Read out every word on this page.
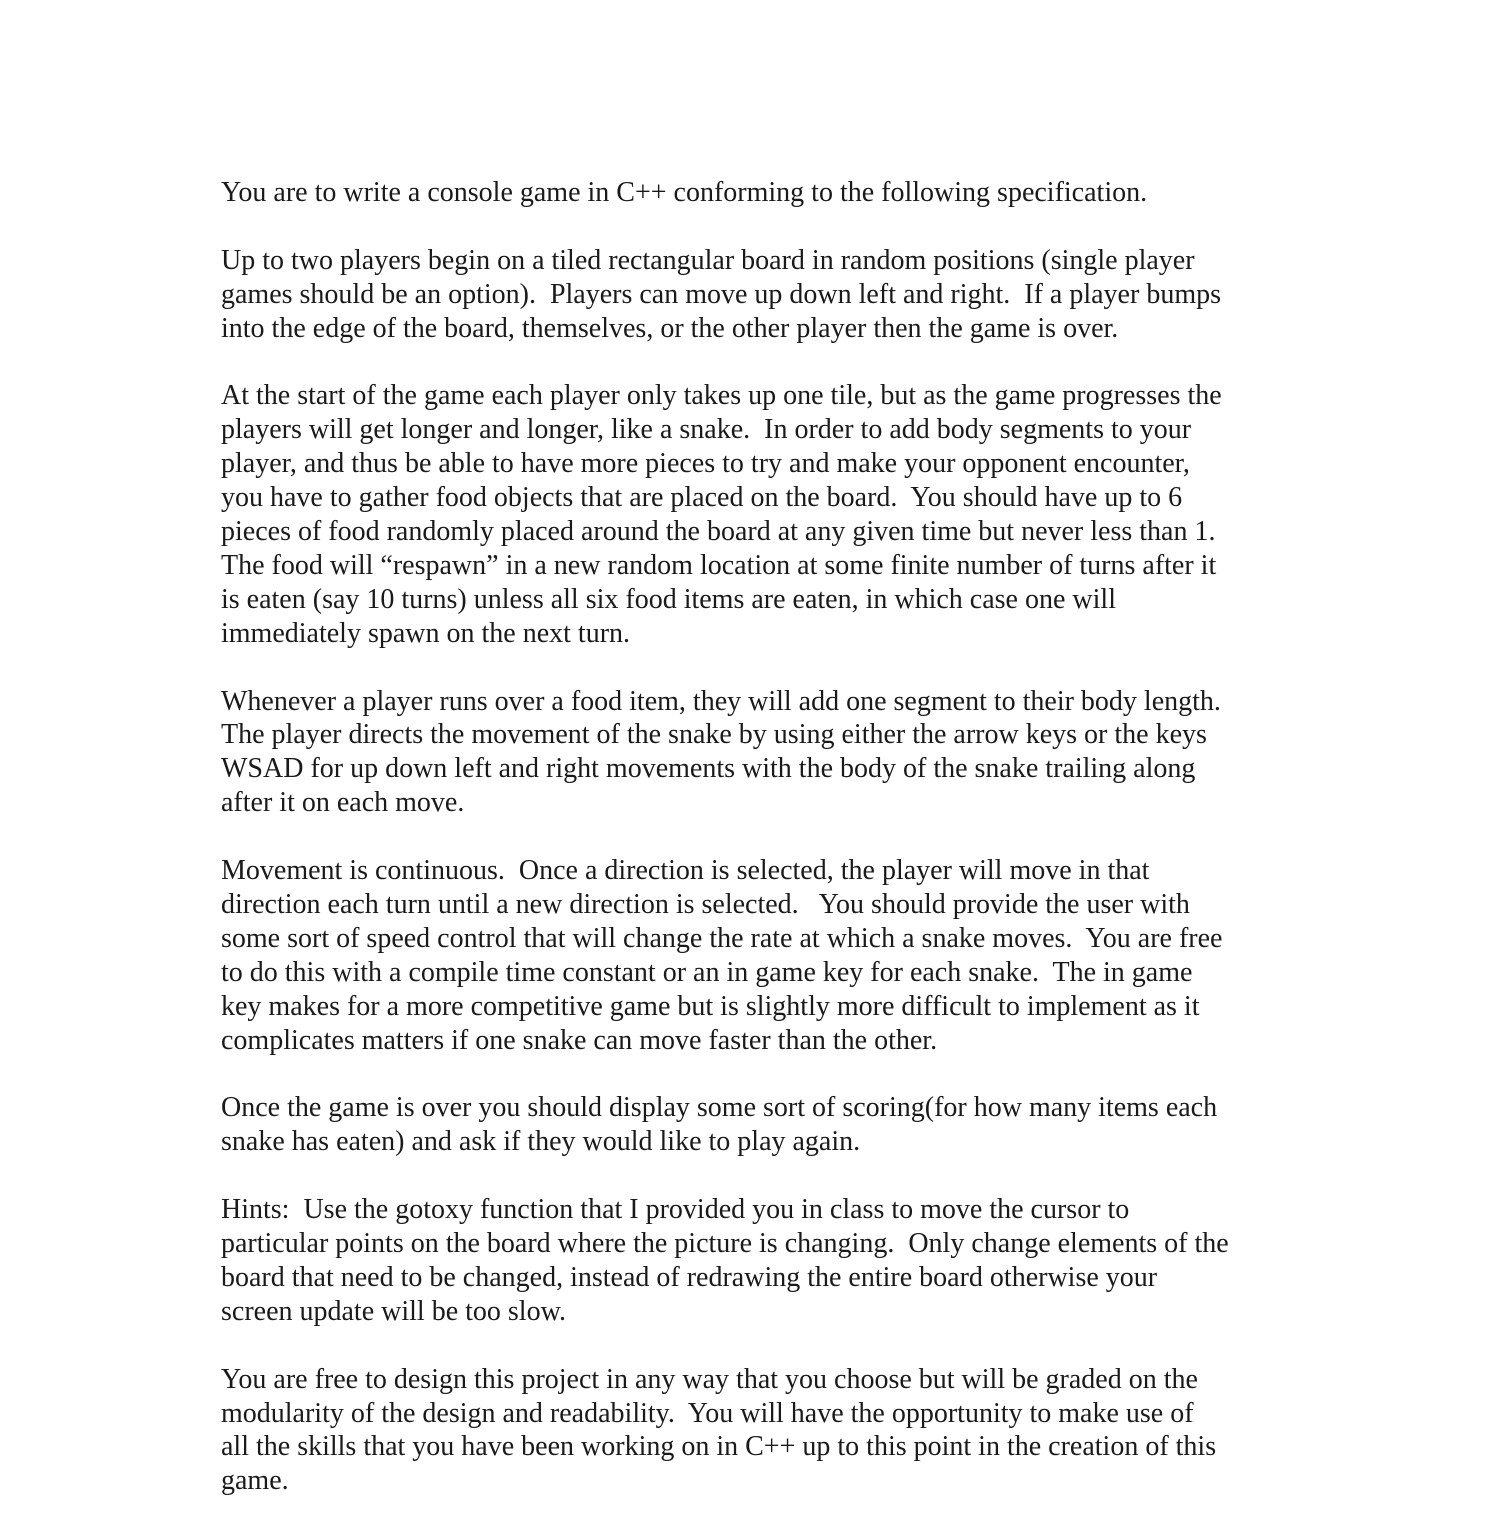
You are to write a console game in C++ conforming to the following specification.

Up to two players begin on a tiled rectangular board in random positions (single player
games should be an option).  Players can move up down left and right.  If a player bumps
into the edge of the board, themselves, or the other player then the game is over.

At the start of the game each player only takes up one tile, but as the game progresses the
players will get longer and longer, like a snake.  In order to add body segments to your
player, and thus be able to have more pieces to try and make your opponent encounter,
you have to gather food objects that are placed on the board.  You should have up to 6
pieces of food randomly placed around the board at any given time but never less than 1.
The food will “respawn” in a new random location at some finite number of turns after it
is eaten (say 10 turns) unless all six food items are eaten, in which case one will
immediately spawn on the next turn.

Whenever a player runs over a food item, they will add one segment to their body length.
The player directs the movement of the snake by using either the arrow keys or the keys
WSAD for up down left and right movements with the body of the snake trailing along
after it on each move.

Movement is continuous.  Once a direction is selected, the player will move in that
direction each turn until a new direction is selected.   You should provide the user with
some sort of speed control that will change the rate at which a snake moves.  You are free
to do this with a compile time constant or an in game key for each snake.  The in game
key makes for a more competitive game but is slightly more difficult to implement as it
complicates matters if one snake can move faster than the other.

Once the game is over you should display some sort of scoring(for how many items each
snake has eaten) and ask if they would like to play again.

Hints:  Use the gotoxy function that I provided you in class to move the cursor to
particular points on the board where the picture is changing.  Only change elements of the
board that need to be changed, instead of redrawing the entire board otherwise your
screen update will be too slow.

You are free to design this project in any way that you choose but will be graded on the
modularity of the design and readability.  You will have the opportunity to make use of
all the skills that you have been working on in C++ up to this point in the creation of this
game.
